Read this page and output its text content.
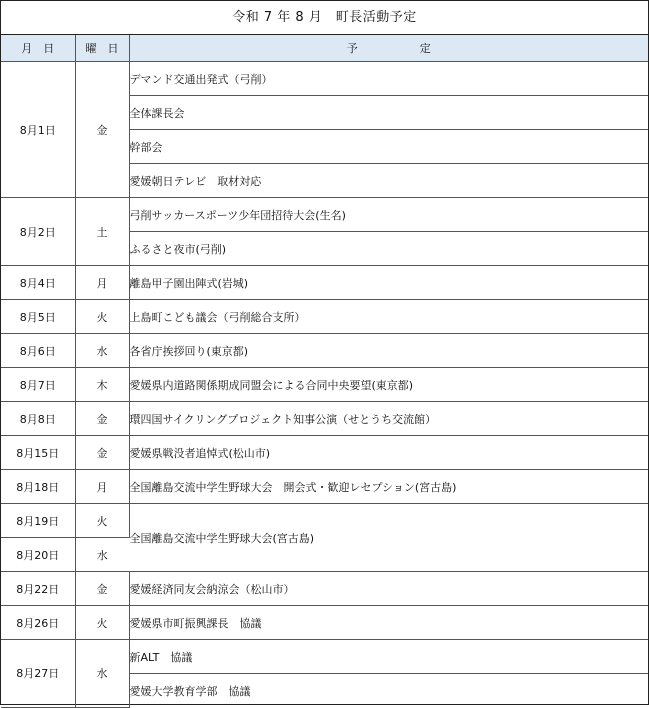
令和 7 年 8 月　町長活動予定
月　日	曜　日	予 定
8月1日	金	デマンド交通出発式（弓削）
		全体課長会
		幹部会
		愛媛朝日テレビ　取材対応
8月2日	土	弓削サッカースポーツ少年団招待大会(生名)
		ふるさと夜市(弓削)
8月4日	月	離島甲子園出陣式(岩城)
8月5日	火	上島町こども議会（弓削総合支所）
8月6日	水	各省庁挨拶回り(東京都)
8月7日	木	愛媛県内道路関係期成同盟会による合同中央要望(東京都)
8月8日	金	環四国サイクリングプロジェクト知事公演（せとうち交流館）
8月15日	金	愛媛県戦没者追悼式(松山市)
8月18日	月	全国離島交流中学生野球大会　開会式・歓迎レセプション(宮古島)
8月19日	火	全国離島交流中学生野球大会(宮古島)
8月20日	水	
8月22日	金	愛媛経済同友会納涼会（松山市）
8月26日	火	愛媛県市町振興課長　協議
8月27日	水	新ALT　協議
		愛媛大学教育学部　協議
